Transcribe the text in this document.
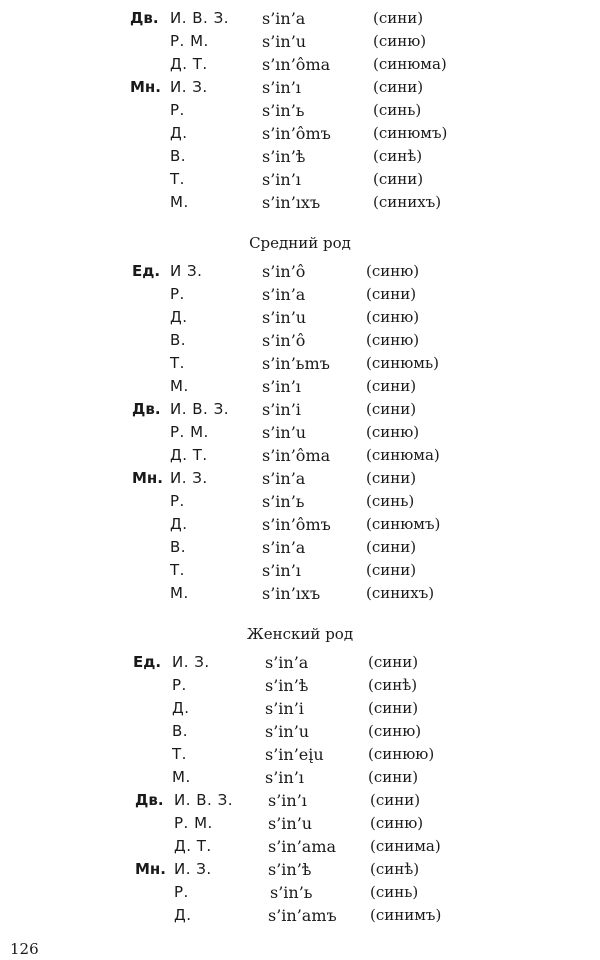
Дв. И. В. З. s’in’a	(сини)
Р. М.	s’in’u	(синю)
Д. Т.	s’ın’ôma	(синюма)
Мн. И. З.	s’in’ı	(сини)
Р.	s’in’ь	(синь)
Д.	s’in’ômъ	(синюмъ)
В.	s’in’ѣ	(синѣ)
Т.	s’in’ı	(сини)
М.	s’in’ıxъ	(синихъ)
Средний род
Ед. И З.	s’in’ô	(синю)
Р.	s’in’a	(сини)
Д.	s’in’u	(синю)
В.	s’in’ô	(синю)
Т.	s’in’ьmъ (синюмь)
М.	s’in’ı	(сини)
Дв. И. В. З. s’in’i	(сини)
Р. М.	s’in’u	(синю)
Д. Т.	s’in’ôma (синюма)
Мн. И. З.	s’in’a	(сини)
Р.	s’in’ь	(синь)
Д.	s’in’ômъ (синюмъ)
В.	s’in’a	(сини)
Т.	s’in’ı	(сини)
М.	s’in’ıxъ	(синихъ)
Женский род
Ед. И. З.	s’in’a	(сини)
Р.	s’in’ѣ	(синѣ)
Д.	s’in’i	(сини)
В.	s’in’u	(синю)
Т.	s’in’eįu	(синюю)
М.	s’in’ı	(сини)
Дв. И. В. З. s’in’ı	(сини)
Р. М.	s’in’u	(синю)
Д. Т.	s’in’ama (синима)
Мн. И. З.	s’in’ѣ	(синѣ)
Р.	s’in’ь	(синь)
Д.	s’in’amъ (синимъ)
126
